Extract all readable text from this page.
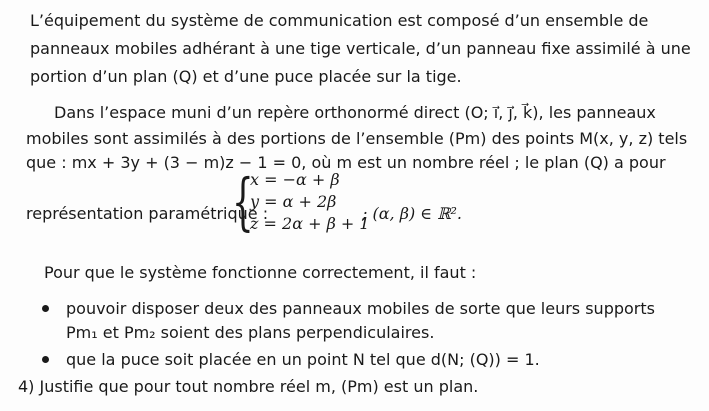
L’équipement du système de communication est composé d’un ensemble de
panneaux mobiles adhérant à une tige verticale, d’un panneau fixe assimilé à une
portion d’un plan (Q) et d’une puce placée sur la tige.
Dans l’espace muni d’un repère orthonormé direct (O; i⃗, j⃗, k⃗), les panneaux
mobiles sont assimilés à des portions de l’ensemble (Pm) des points M(x, y, z) tels
que : mx + 3y + (3 − m)z − 1 = 0, où m est un nombre réel ; le plan (Q) a pour
représentation paramétrique :
{
x = −α + β
y = α + 2β
z = 2α + β + 1
; (α, β) ∈ ℝ².
Pour que le système fonctionne correctement, il faut :
pouvoir disposer deux des panneaux mobiles de sorte que leurs supports
Pm₁ et Pm₂ soient des plans perpendiculaires.
que la puce soit placée en un point N tel que d(N; (Q)) = 1.
4) Justifie que pour tout nombre réel m, (Pm) est un plan.
